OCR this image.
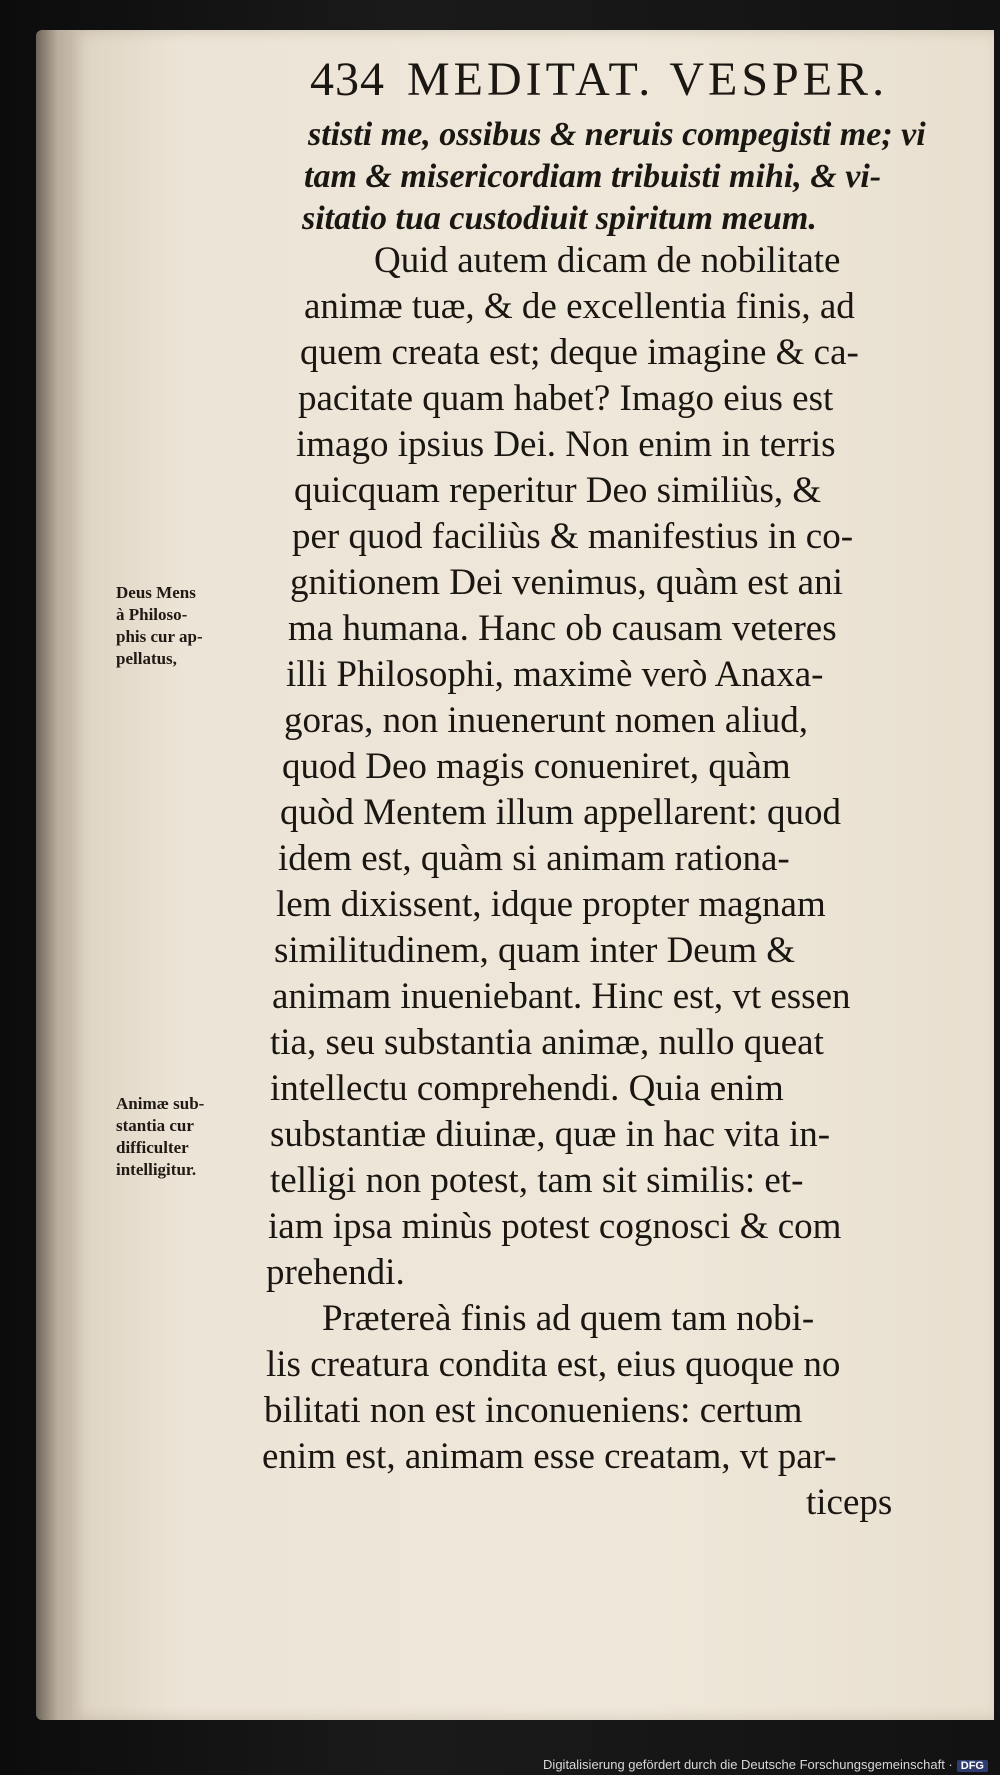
434 MEDITAT. VESPER.
stisti me, ossibus & neruis compegisti me; vi
tam & misericordiam tribuisti mihi, & vi-
sitatio tua custodiuit spiritum meum.
Quid autem dicam de nobilitate
animæ tuæ, & de excellentia finis, ad
quem creata est; deque imagine & ca-
pacitate quam habet? Imago eius est
imago ipsius Dei. Non enim in terris
quicquam reperitur Deo similiùs, &
per quod faciliùs & manifestius in co-
gnitionem Dei venimus, quàm est ani
ma humana. Hanc ob causam veteres
illi Philosophi, maximè verò Anaxa-
goras, non inuenerunt nomen aliud,
quod Deo magis conueniret, quàm
quòd Mentem illum appellarent: quod
idem est, quàm si animam rationa-
lem dixissent, idque propter magnam
similitudinem, quam inter Deum &
animam inueniebant. Hinc est, vt essen
tia, seu substantia animæ, nullo queat
intellectu comprehendi. Quia enim
substantiæ diuinæ, quæ in hac vita in-
telligi non potest, tam sit similis: et-
iam ipsa minùs potest cognosci & com
prehendi.
Prætereà finis ad quem tam nobi-
lis creatura condita est, eius quoque no
bilitati non est inconueniens: certum
enim est, animam esse creatam, vt par-
ticeps
Deus Mens
à Philoso-
phis cur ap-
pellatus,
Animæ sub-
stantia cur
difficulter
intelligitur.
Digitalisierung gefördert durch die Deutsche Forschungsgemeinschaft · DFG
